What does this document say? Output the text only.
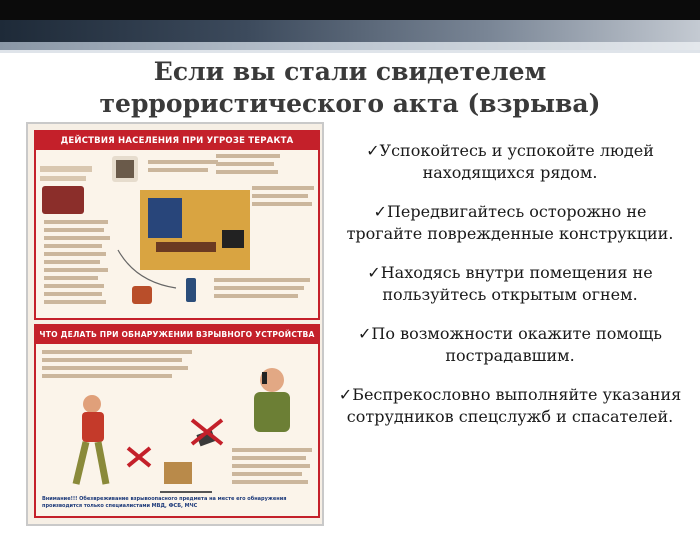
Если вы стали свидетелем
террористического акта (взрыва)
ДЕЙСТВИЯ НАСЕЛЕНИЯ ПРИ УГРОЗЕ ТЕРАКТА
ЧТО ДЕЛАТЬ ПРИ ОБНАРУЖЕНИИ ВЗРЫВНОГО УСТРОЙСТВА
Внимание!!! Обезвреживание взрывоопасного предмета на месте его обнаружения производится только специалистами МВД, ФСБ, МЧС

✓Успокойтесь и успокойте людей находящихся рядом.

✓Передвигайтесь осторожно не трогайте поврежденные конструкции.

✓Находясь внутри помещения не пользуйтесь открытым огнем.

✓По возможности окажите помощь пострадавшим.

✓Беспрекословно выполняйте указания сотрудников спецслужб и спасателей.
